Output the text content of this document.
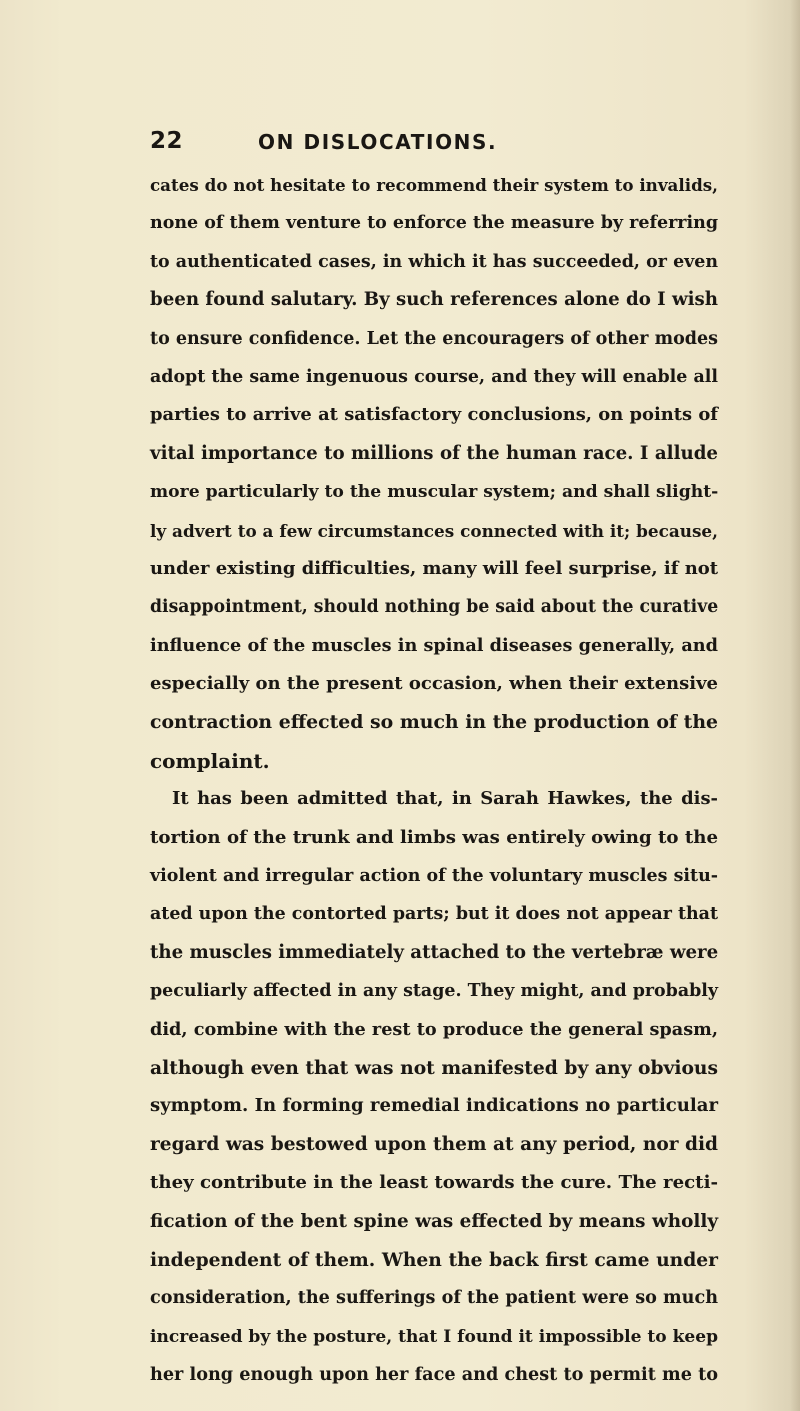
22	ON DISLOCATIONS.
cates do not hesitate to recommend their system to invalids,
none of them venture to enforce the measure by referring
to authenticated cases, in which it has succeeded, or even
been found salutary. By such references alone do I wish
to ensure confidence. Let the encouragers of other modes
adopt the same ingenuous course, and they will enable all
parties to arrive at satisfactory conclusions, on points of
vital importance to millions of the human race. I allude
more particularly to the muscular system; and shall slight-
ly advert to a few circumstances connected with it; because,
under existing difficulties, many will feel surprise, if not
disappointment, should nothing be said about the curative
influence of the muscles in spinal diseases generally, and
especially on the present occasion, when their extensive
contraction effected so much in the production of the
complaint.
It has been admitted that, in Sarah Hawkes, the dis-
tortion of the trunk and limbs was entirely owing to the
violent and irregular action of the voluntary muscles situ-
ated upon the contorted parts; but it does not appear that
the muscles immediately attached to the vertebræ were
peculiarly affected in any stage. They might, and probably
did, combine with the rest to produce the general spasm,
although even that was not manifested by any obvious
symptom. In forming remedial indications no particular
regard was bestowed upon them at any period, nor did
they contribute in the least towards the cure. The recti-
fication of the bent spine was effected by means wholly
independent of them. When the back first came under
consideration, the sufferings of the patient were so much
increased by the posture, that I found it impossible to keep
her long enough upon her face and chest to permit me to
